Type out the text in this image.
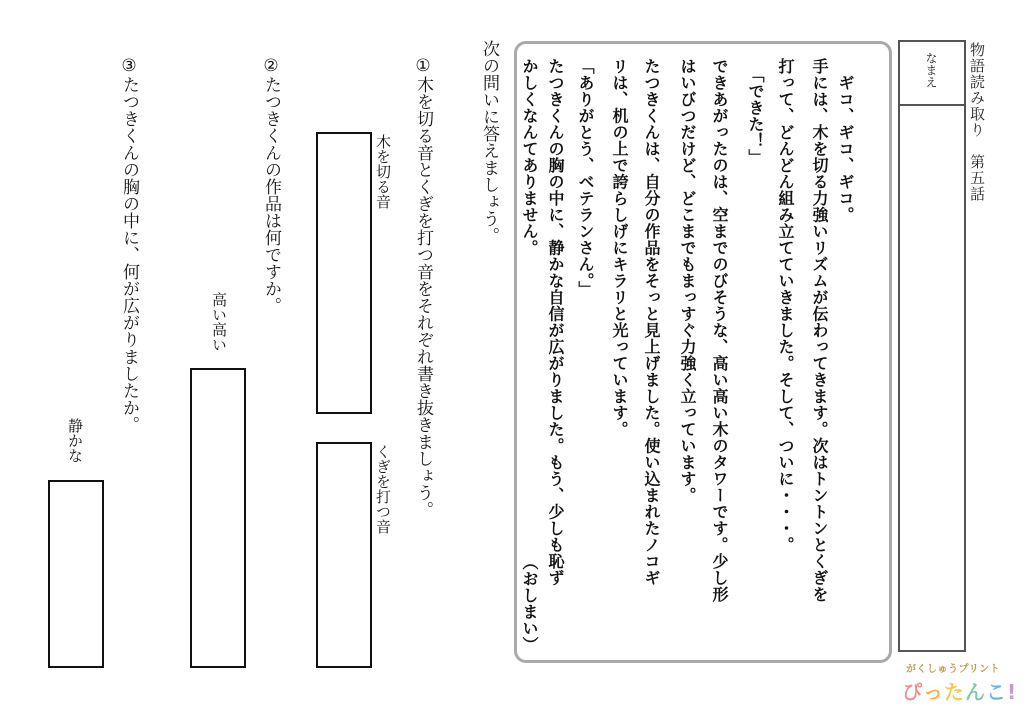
物語読み取り　第五話
なまえ
　ギコ、ギコ、ギコ。
手には、木を切る力強いリズムが伝わってきます。次はトントンとくぎを
打って、どんどん組み立てていきました。そして、ついに・・・。
　「できた！」
できあがったのは、空までのびそうな、高い高い木のタワーです。少し形
はいびつだけど、どこまでもまっすぐ力強く立っています。
たつきくんは、自分の作品をそっと見上げました。使い込まれたノコギ
リは、机の上で誇らしげにキラリと光っています。
「ありがとう、ベテランさん。」
たつきくんの胸の中に、静かな自信が広がりました。もう、少しも恥ず
かしくなんてありません。
（おしまい）
次の問いに答えましょう。
①木を切る音とくぎを打つ音をそれぞれ書き抜きましょう。
木を切る音
くぎを打つ音
②たつきくんの作品は何ですか。
高い高い
③たつきくんの胸の中に、何が広がりましたか。
静かな
がくしゅうプリント
ぴったんこ!
